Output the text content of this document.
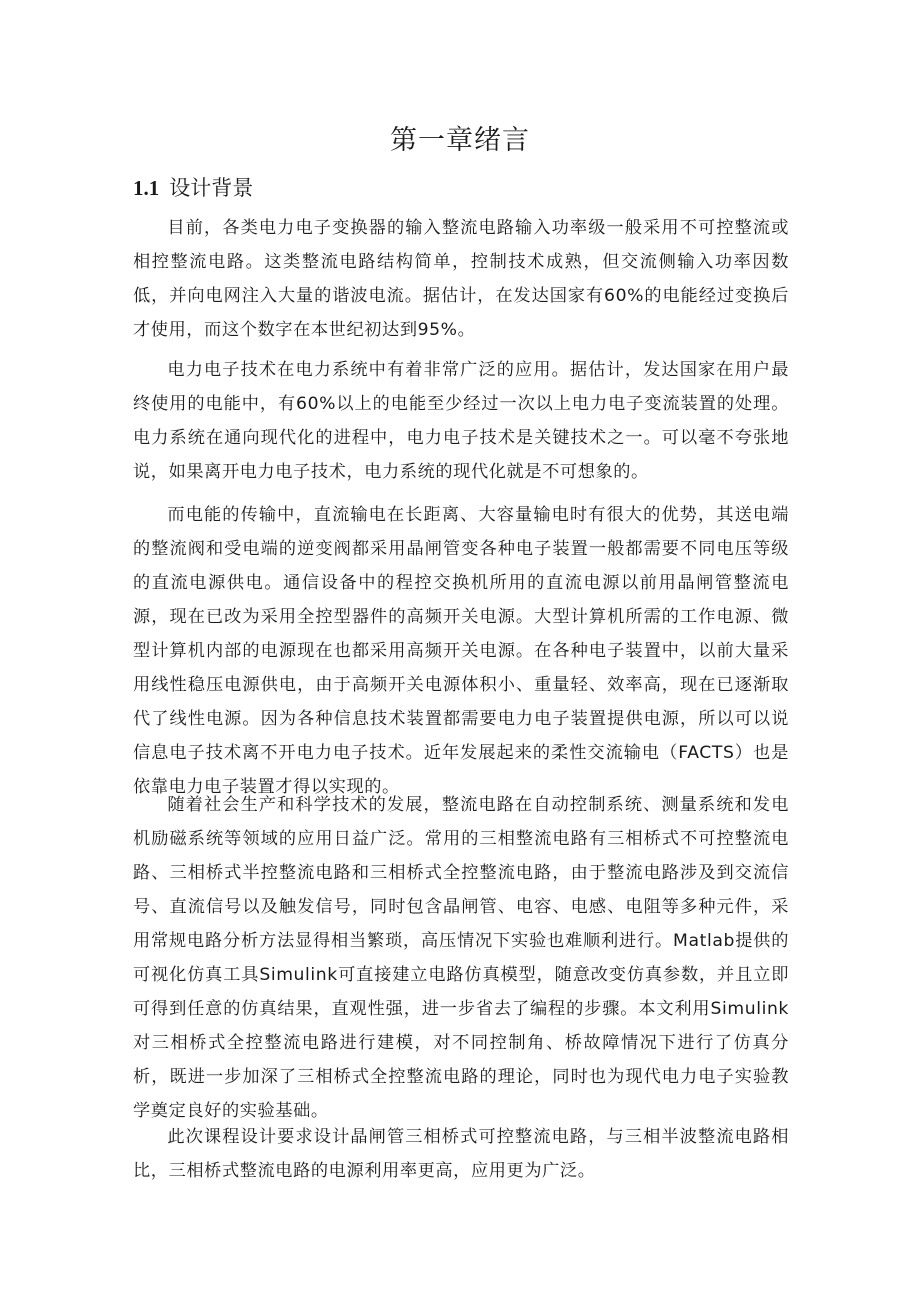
第一章绪言
1.1 设计背景

目前，各类电力电子变换器的输入整流电路输入功率级一般采用不可控整流或相控整流电路。这类整流电路结构简单，控制技术成熟，但交流侧输入功率因数低，并向电网注入大量的谐波电流。据估计，在发达国家有60%的电能经过变换后才使用，而这个数字在本世纪初达到95%。

电力电子技术在电力系统中有着非常广泛的应用。据估计，发达国家在用户最终使用的电能中，有60%以上的电能至少经过一次以上电力电子变流装置的处理。电力系统在通向现代化的进程中，电力电子技术是关键技术之一。可以毫不夸张地说，如果离开电力电子技术，电力系统的现代化就是不可想象的。

而电能的传输中，直流输电在长距离、大容量输电时有很大的优势，其送电端的整流阀和受电端的逆变阀都采用晶闸管变各种电子装置一般都需要不同电压等级的直流电源供电。通信设备中的程控交换机所用的直流电源以前用晶闸管整流电源，现在已改为采用全控型器件的高频开关电源。大型计算机所需的工作电源、微型计算机内部的电源现在也都采用高频开关电源。在各种电子装置中，以前大量采用线性稳压电源供电，由于高频开关电源体积小、重量轻、效率高，现在已逐渐取代了线性电源。因为各种信息技术装置都需要电力电子装置提供电源，所以可以说信息电子技术离不开电力电子技术。近年发展起来的柔性交流输电（FACTS）也是依靠电力电子装置才得以实现的。

随着社会生产和科学技术的发展，整流电路在自动控制系统、测量系统和发电机励磁系统等领域的应用日益广泛。常用的三相整流电路有三相桥式不可控整流电路、三相桥式半控整流电路和三相桥式全控整流电路，由于整流电路涉及到交流信号、直流信号以及触发信号，同时包含晶闸管、电容、电感、电阻等多种元件，采用常规电路分析方法显得相当繁琐，高压情况下实验也难顺利进行。Matlab提供的可视化仿真工具Simulink可直接建立电路仿真模型，随意改变仿真参数，并且立即可得到任意的仿真结果，直观性强，进一步省去了编程的步骤。本文利用Simulink对三相桥式全控整流电路进行建模，对不同控制角、桥故障情况下进行了仿真分析，既进一步加深了三相桥式全控整流电路的理论，同时也为现代电力电子实验教学奠定良好的实验基础。

此次课程设计要求设计晶闸管三相桥式可控整流电路，与三相半波整流电路相比，三相桥式整流电路的电源利用率更高，应用更为广泛。
